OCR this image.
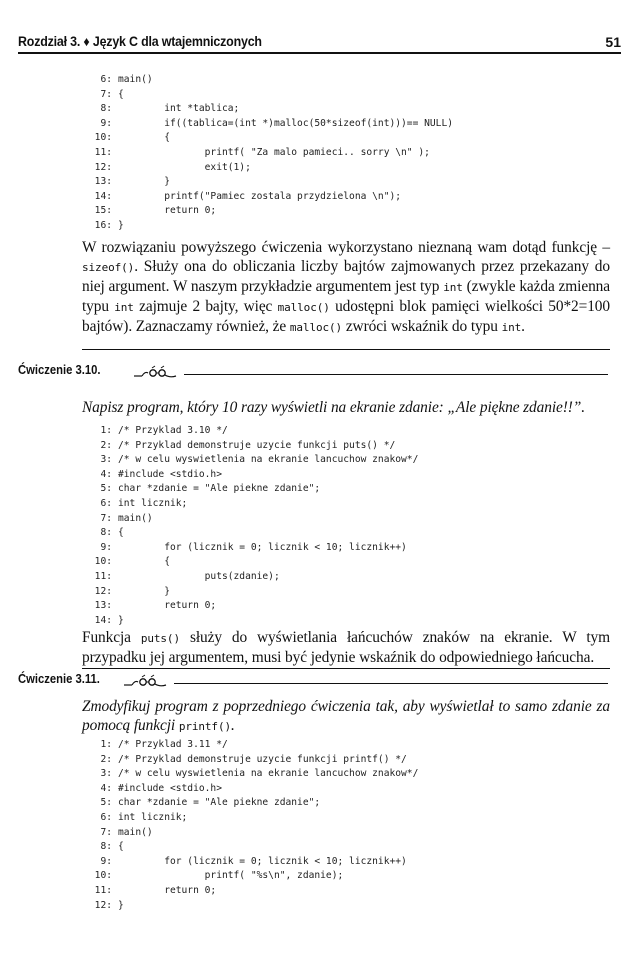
Rozdział 3. ♦ Język C dla wtajemniczonych	51
6: main()
7: {
8:        int *tablica;
9:        if((tablica=(int *)malloc(50*sizeof(int)))== NULL)
10:        {
11:               printf( "Za malo pamieci.. sorry \n" );
12:               exit(1);
13:        }
14:        printf("Pamiec zostala przydzielona \n");
15:        return 0;
16: }

W rozwiązaniu powyższego ćwiczenia wykorzystano nieznaną wam dotąd funkcję – sizeof(). Służy ona do obliczania liczby bajtów zajmowanych przez przekazany do niej argument. W naszym przykładzie argumentem jest typ int (zwykle każda zmienna typu int zajmuje 2 bajty, więc malloc() udostępni blok pamięci wielkości 50*2=100 bajtów). Zaznaczamy również, że malloc() zwróci wskaźnik do typu int.

Ćwiczenie 3.10.

Napisz program, który 10 razy wyświetli na ekranie zdanie: „Ale piękne zdanie!!”.

1: /* Przyklad 3.10 */
2: /* Przyklad demonstruje uzycie funkcji puts() */
3: /* w celu wyswietlenia na ekranie lancuchow znakow*/
4: #include <stdio.h>
5: char *zdanie = "Ale piekne zdanie";
6: int licznik;
7: main()
8: {
9:        for (licznik = 0; licznik < 10; licznik++)
10:        {
11:               puts(zdanie);
12:        }
13:        return 0;
14: }

Funkcja puts() służy do wyświetlania łańcuchów znaków na ekranie. W tym przypadku jej argumentem, musi być jedynie wskaźnik do odpowiedniego łańcucha.

Ćwiczenie 3.11.

Zmodyfikuj program z poprzedniego ćwiczenia tak, aby wyświetlał to samo zdanie za pomocą funkcji printf().

1: /* Przyklad 3.11 */
2: /* Przyklad demonstruje uzycie funkcji printf() */
3: /* w celu wyswietlenia na ekranie lancuchow znakow*/
4: #include <stdio.h>
5: char *zdanie = "Ale piekne zdanie";
6: int licznik;
7: main()
8: {
9:        for (licznik = 0; licznik < 10; licznik++)
10:               printf( "%s\n", zdanie);
11:        return 0;
12: }
